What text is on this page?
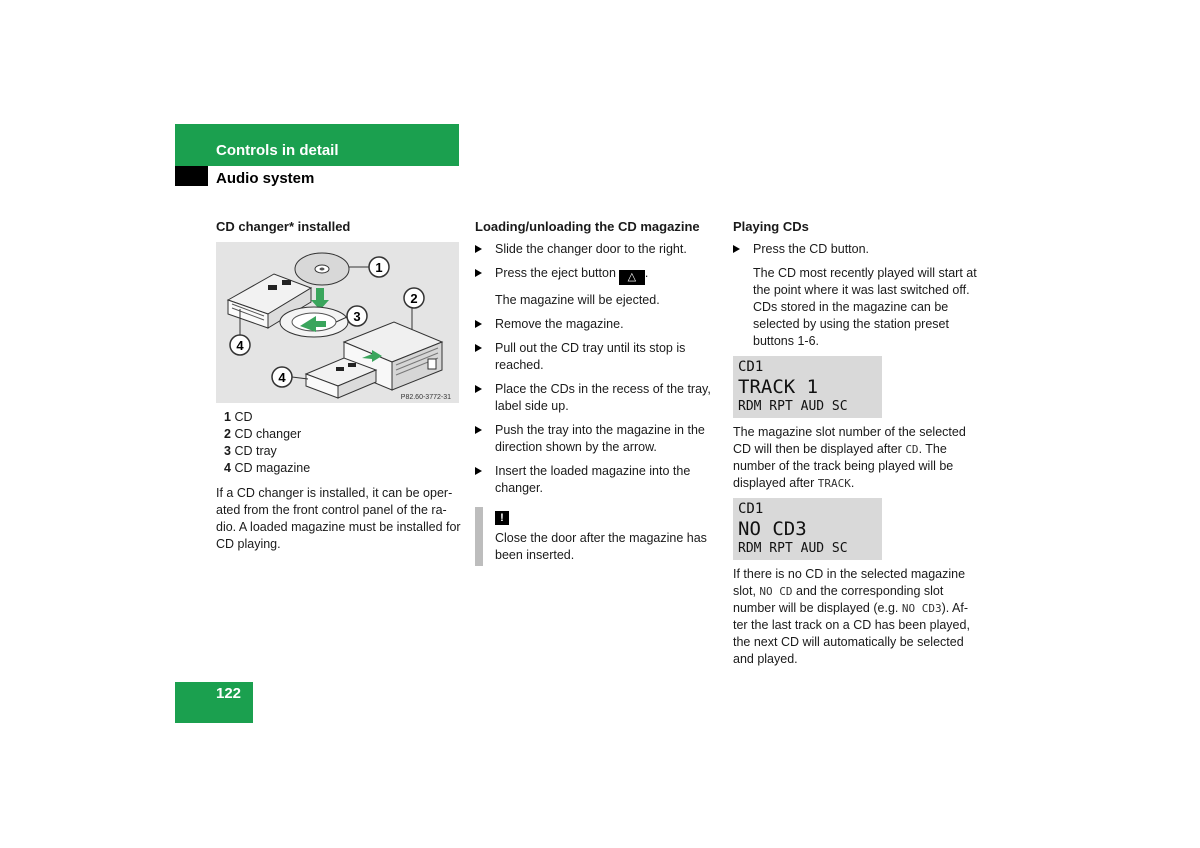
Controls in detail
Audio system
CD changer* installed
1
2
3
4
4
P82.60-3772-31
1 CD
2 CD changer
3 CD tray
4 CD magazine
If a CD changer is installed, it can be oper-ated from the front control panel of the ra-dio. A loaded magazine must be installed for CD playing.
Loading/unloading the CD magazine
Slide the changer door to the right.
Press the eject button △ .
The magazine will be ejected.
Remove the magazine.
Pull out the CD tray until its stop is reached.
Place the CDs in the recess of the tray, label side up.
Push the tray into the magazine in the direction shown by the arrow.
Insert the loaded magazine into the changer.
!
Close the door after the magazine has been inserted.
Playing CDs
Press the CD button.
The CD most recently played will start at the point where it was last switched off. CDs stored in the magazine can be selected by using the station preset buttons 1-6.
CD1
TRACK 1
RDM RPT AUD SC
The magazine slot number of the selected CD will then be displayed after CD. The number of the track being played will be displayed after TRACK.
CD1
NO CD3
RDM RPT AUD SC
If there is no CD in the selected magazine slot, NO CD and the corresponding slot number will be displayed (e.g. NO CD3). Af-ter the last track on a CD has been played, the next CD will automatically be selected and played.
122
